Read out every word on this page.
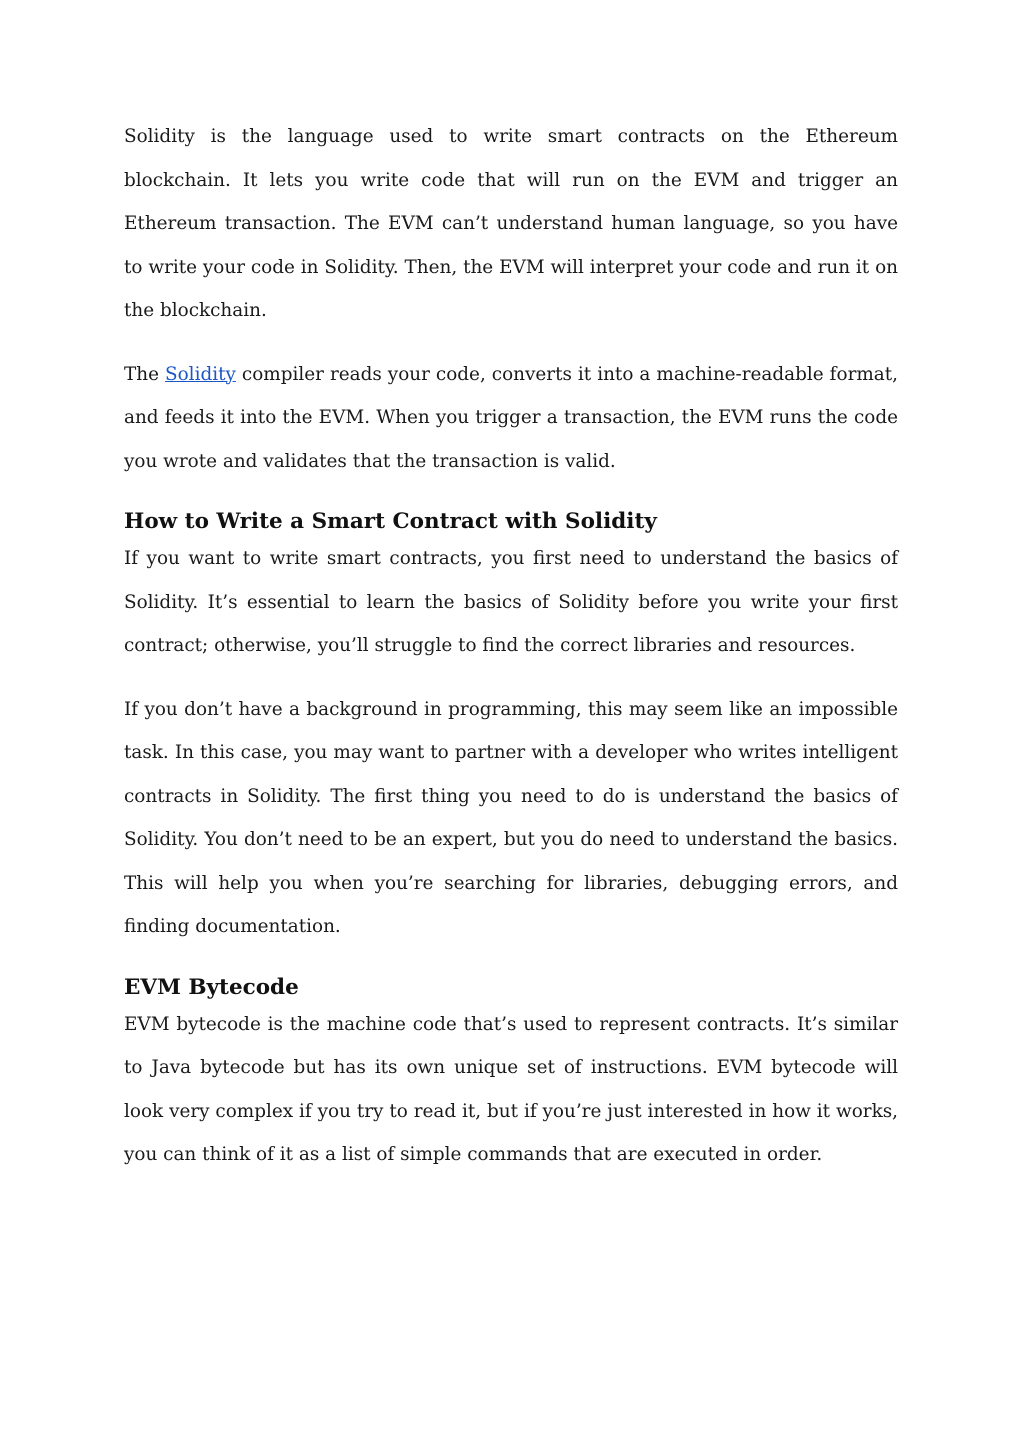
Solidity is the language used to write smart contracts on the Ethereum blockchain. It lets you write code that will run on the EVM and trigger an Ethereum transaction. The EVM can’t understand human language, so you have to write your code in Solidity. Then, the EVM will interpret your code and run it on the blockchain.

The Solidity compiler reads your code, converts it into a machine-readable format, and feeds it into the EVM. When you trigger a transaction, the EVM runs the code you wrote and validates that the transaction is valid.

How to Write a Smart Contract with Solidity

If you want to write smart contracts, you first need to understand the basics of Solidity. It’s essential to learn the basics of Solidity before you write your first contract; otherwise, you’ll struggle to find the correct libraries and resources.

If you don’t have a background in programming, this may seem like an impossible task. In this case, you may want to partner with a developer who writes intelligent contracts in Solidity. The first thing you need to do is understand the basics of Solidity. You don’t need to be an expert, but you do need to understand the basics. This will help you when you’re searching for libraries, debugging errors, and finding documentation.

EVM Bytecode

EVM bytecode is the machine code that’s used to represent contracts. It’s similar to Java bytecode but has its own unique set of instructions. EVM bytecode will look very complex if you try to read it, but if you’re just interested in how it works, you can think of it as a list of simple commands that are executed in order.
